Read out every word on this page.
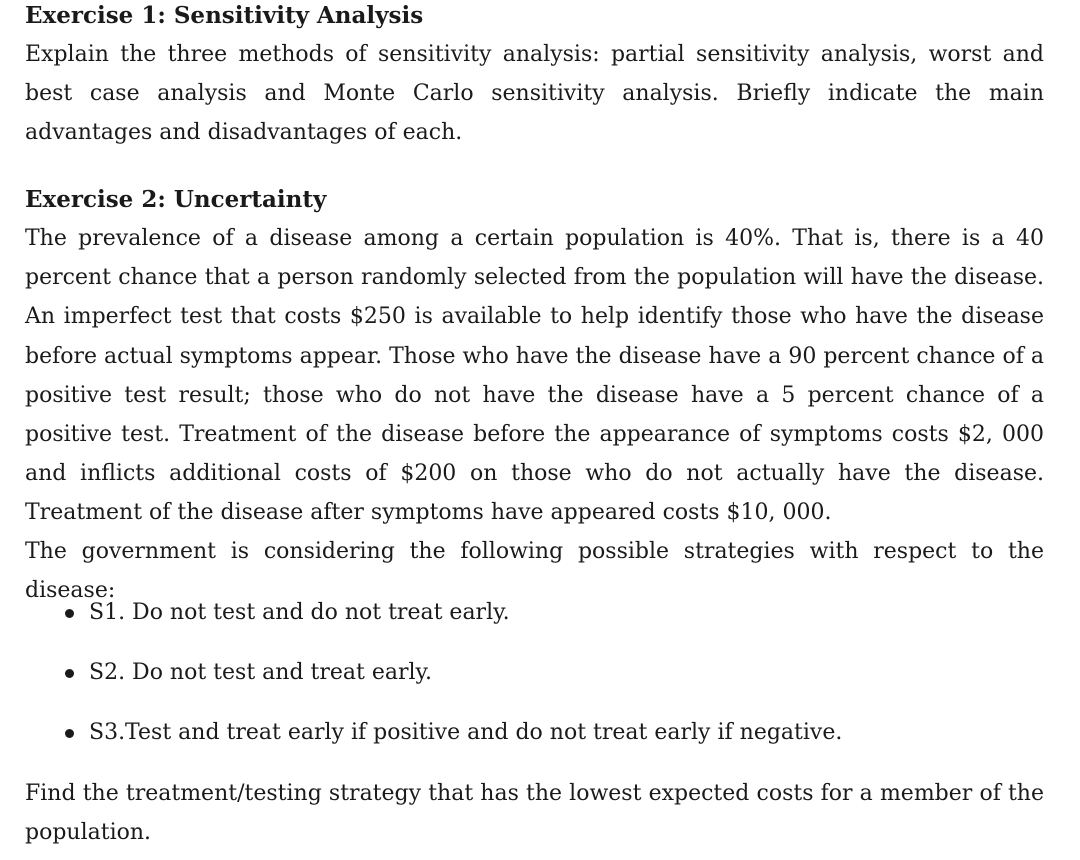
Exercise 1: Sensitivity Analysis

Explain the three methods of sensitivity analysis: partial sensitivity analysis, worst and best case analysis and Monte Carlo sensitivity analysis. Briefly indicate the main advantages and disadvantages of each.

Exercise 2: Uncertainty

The prevalence of a disease among a certain population is 40%. That is, there is a 40 percent chance that a person randomly selected from the population will have the disease. An imperfect test that costs $250 is available to help identify those who have the disease before actual symptoms appear. Those who have the disease have a 90 percent chance of a positive test result; those who do not have the disease have a 5 percent chance of a positive test. Treatment of the disease before the appearance of symptoms costs $2, 000 and inflicts additional costs of $200 on those who do not actually have the disease. Treatment of the disease after symptoms have appeared costs $10, 000.

The government is considering the following possible strategies with respect to the disease:

S1. Do not test and do not treat early.
S2. Do not test and treat early.
S3.Test and treat early if positive and do not treat early if negative.

Find the treatment/testing strategy that has the lowest expected costs for a member of the population.
